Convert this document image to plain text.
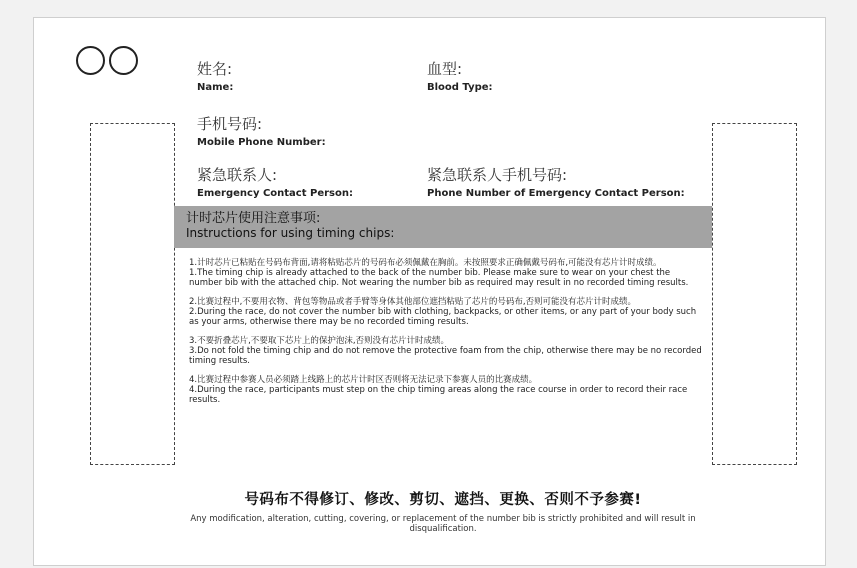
姓名:
Name:
血型:
Blood Type:
手机号码:
Mobile Phone Number:
紧急联系人:
Emergency Contact Person:
紧急联系人手机号码:
Phone Number of Emergency Contact Person:
计时芯片使用注意事项:
Instructions for using timing chips:

1.计时芯片已粘贴在号码布背面,请将粘贴芯片的号码布必须佩戴在胸前。未按照要求正确佩戴号码布,可能没有芯片计时成绩。

1.The timing chip is already attached to the back of the number bib. Please make sure to wear on your chest the number bib with the attached chip. Not wearing the number bib as required may result in no recorded timing results.

2.比赛过程中,不要用衣物、背包等物品或者手臂等身体其他部位遮挡粘贴了芯片的号码布,否则可能没有芯片计时成绩。

2.During the race, do not cover the number bib with clothing, backpacks, or other items, or any part of your body such as your arms, otherwise there may be no recorded timing results.

3.不要折叠芯片,不要取下芯片上的保护泡沫,否则没有芯片计时成绩。

3.Do not fold the timing chip and do not remove the protective foam from the chip, otherwise there may be no recorded timing results.

4.比赛过程中参赛人员必须踏上线路上的芯片计时区否则将无法记录下参赛人员的比赛成绩。

4.During the race, participants must step on the chip timing areas along the race course in order to record their race results.

号码布不得修订、修改、剪切、遮挡、更换、否则不予参赛!
Any modification, alteration, cutting, covering, or replacement of the number bib is strictly prohibited and will result in disqualification.
